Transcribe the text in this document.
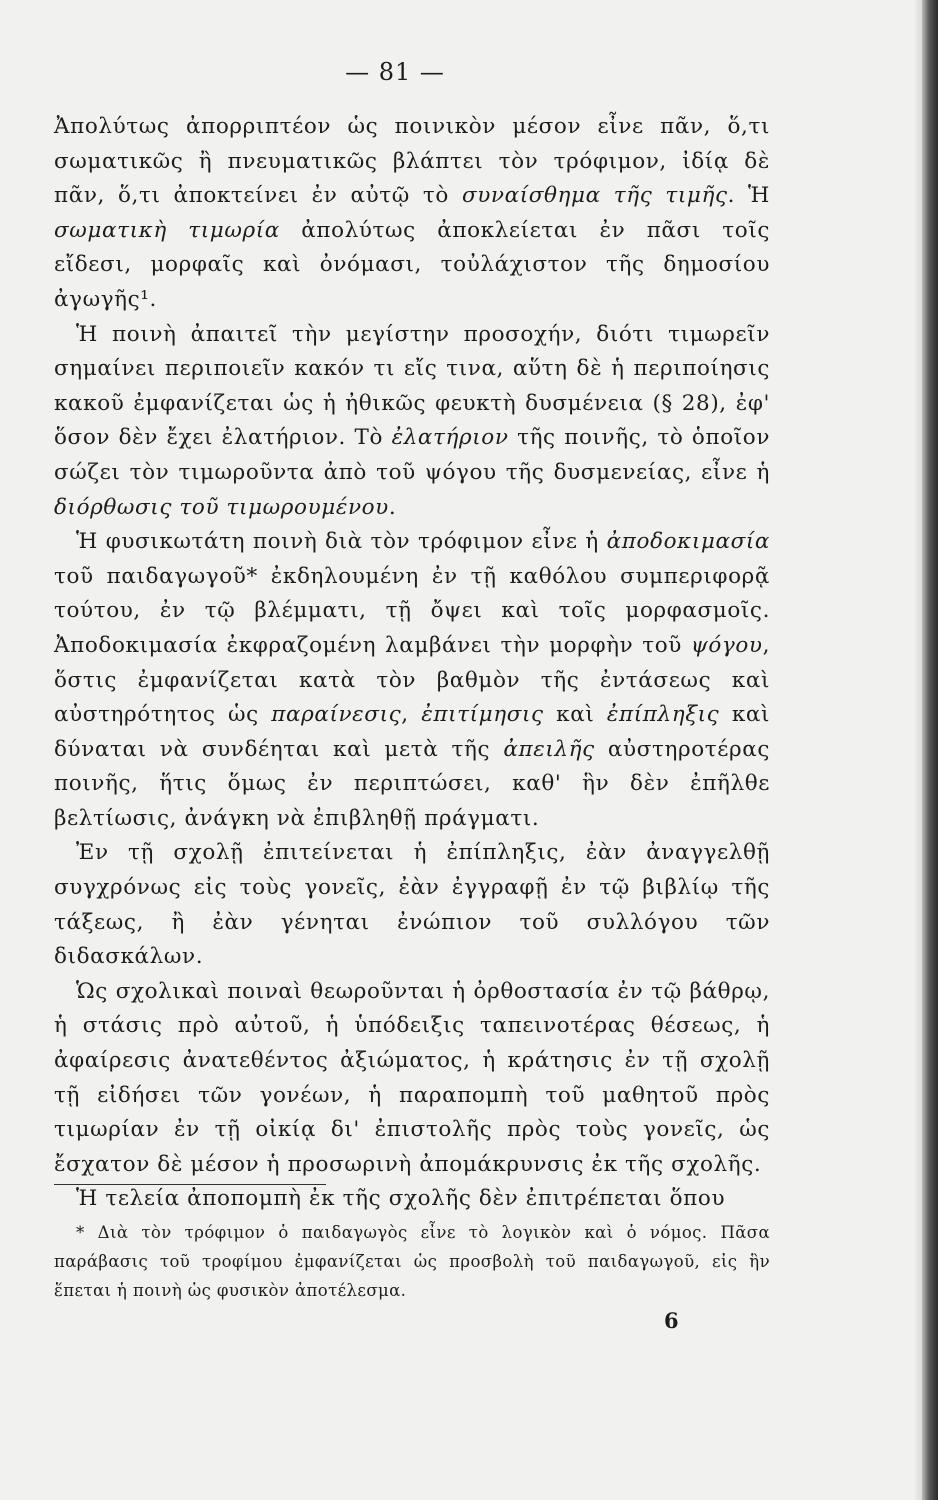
— 81 —

Ἀπολύτως ἀπορριπτέον ὡς ποινικὸν μέσον εἶνε πᾶν, ὅ,τι σωματικῶς ἢ πνευματικῶς βλάπτει τὸν τρόφιμον, ἰδίᾳ δὲ πᾶν, ὅ,τι ἀποκτείνει ἐν αὐτῷ τὸ συναίσθημα τῆς τιμῆς. Ἡ σωματικὴ τιμωρία ἀπολύτως ἀποκλείεται ἐν πᾶσι τοῖς εἴδεσι, μορφαῖς καὶ ὀνόμασι, τοὐλάχιστον τῆς δημοσίου ἀγωγῆς¹.

Ἡ ποινὴ ἀπαιτεῖ τὴν μεγίστην προσοχήν, διότι τιμωρεῖν σημαίνει περιποιεῖν κακόν τι εἴς τινα, αὕτη δὲ ἡ περιποίησις κακοῦ ἐμφανίζεται ὡς ἡ ἠθικῶς φευκτὴ δυσμένεια (§ 28), ἐφ' ὅσον δὲν ἔχει ἐλατήριον. Τὸ ἐλατήριον τῆς ποινῆς, τὸ ὁποῖον σώζει τὸν τιμωροῦντα ἀπὸ τοῦ ψόγου τῆς δυσμενείας, εἶνε ἡ διόρθωσις τοῦ τιμωρουμένου.

Ἡ φυσικωτάτη ποινὴ διὰ τὸν τρόφιμον εἶνε ἡ ἀποδοκιμασία τοῦ παιδαγωγοῦ* ἐκδηλουμένη ἐν τῇ καθόλου συμπεριφορᾷ τούτου, ἐν τῷ βλέμματι, τῇ ὄψει καὶ τοῖς μορφασμοῖς. Ἀποδοκιμασία ἐκφραζομένη λαμβάνει τὴν μορφὴν τοῦ ψόγου, ὅστις ἐμφανίζεται κατὰ τὸν βαθμὸν τῆς ἐντάσεως καὶ αὐστηρότητος ὡς παραίνεσις, ἐπιτίμησις καὶ ἐπίπληξις καὶ δύναται νὰ συνδέηται καὶ μετὰ τῆς ἀπειλῆς αὐστηροτέρας ποινῆς, ἥτις ὅμως ἐν περιπτώσει, καθ' ἣν δὲν ἐπῆλθε βελτίωσις, ἀνάγκη νὰ ἐπιβληθῇ πράγματι.

Ἐν τῇ σχολῇ ἐπιτείνεται ἡ ἐπίπληξις, ἐὰν ἀναγγελθῇ συγχρόνως εἰς τοὺς γονεῖς, ἐὰν ἐγγραφῇ ἐν τῷ βιβλίῳ τῆς τάξεως, ἢ ἐὰν γένηται ἐνώπιον τοῦ συλλόγου τῶν διδασκάλων.

Ὡς σχολικαὶ ποιναὶ θεωροῦνται ἡ ὀρθοστασία ἐν τῷ βάθρῳ, ἡ στάσις πρὸ αὐτοῦ, ἡ ὑπόδειξις ταπεινοτέρας θέσεως, ἡ ἀφαίρεσις ἀνατεθέντος ἀξιώματος, ἡ κράτησις ἐν τῇ σχολῇ τῇ εἰδήσει τῶν γονέων, ἡ παραπομπὴ τοῦ μαθητοῦ πρὸς τιμωρίαν ἐν τῇ οἰκίᾳ δι' ἐπιστολῆς πρὸς τοὺς γονεῖς, ὡς ἔσχατον δὲ μέσον ἡ προσωρινὴ ἀπομάκρυνσις ἐκ τῆς σχολῆς.

Ἡ τελεία ἀποπομπὴ ἐκ τῆς σχολῆς δὲν ἐπιτρέπεται ὅπου

* Διὰ τὸν τρόφιμον ὁ παιδαγωγὸς εἶνε τὸ λογικὸν καὶ ὁ νόμος. Πᾶσα παράβασις τοῦ τροφίμου ἐμφανίζεται ὡς προσβολὴ τοῦ παιδαγωγοῦ, εἰς ἣν ἕπεται ἡ ποινὴ ὡς φυσικὸν ἀποτέλεσμα.

6
